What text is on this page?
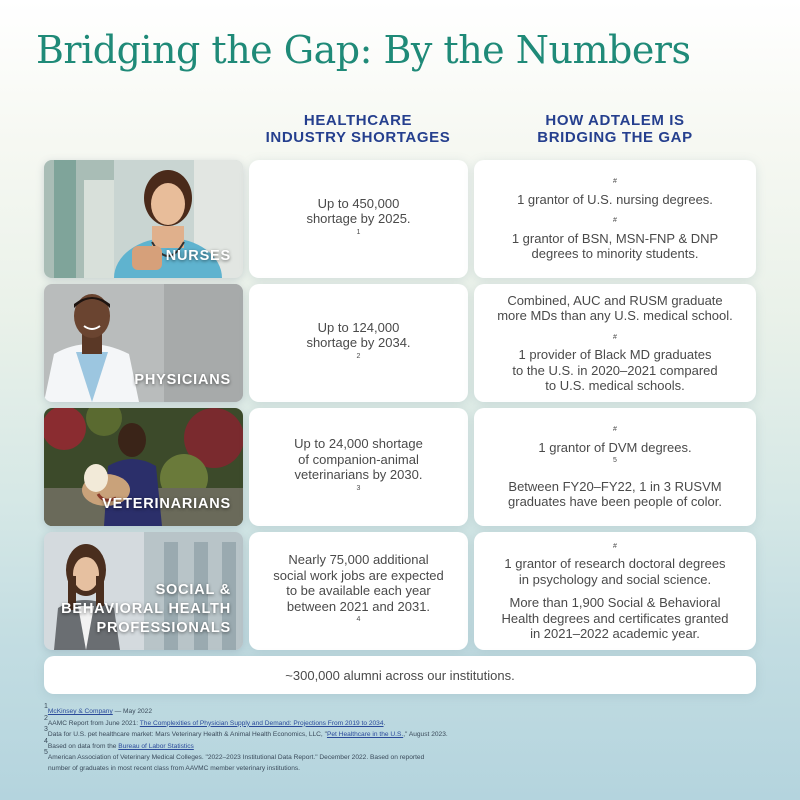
Bridging the Gap: By the Numbers
HEALTHCARE
INDUSTRY SHORTAGES
HOW ADTALEM IS
BRIDGING THE GAP
NURSES

Up to 450,000
shortage by 2025.
$^1$

#
1 grantor of U.S. nursing degrees.

#
1 grantor of BSN, MSN-FNP & DNP
degrees to minority students.

PHYSICIANS

Up to 124,000
shortage by 2034.
$^2$

Combined, AUC and RUSM graduate
more MDs than any U.S. medical school.

#
1 provider of Black MD graduates
to the U.S. in 2020–2021 compared
to U.S. medical schools.

VETERINARIANS

Up to 24,000 shortage
of companion-animal
veterinarians by 2030.
$^3$

#
1 grantor of DVM degrees.
$^5$

Between FY20–FY22, 1 in 3 RUSVM
graduates have been people of color.

SOCIAL &
BEHAVIORAL HEALTH
PROFESSIONALS

Nearly 75,000 additional
social work jobs are expected
to be available each year
between 2021 and 2031.
$^4$

#
1 grantor of research doctoral degrees
in psychology and social science.

More than 1,900 Social & Behavioral
Health degrees and certificates granted
in 2021–2022 academic year.

~300,000 alumni across our institutions.
$^1$McKinsey & Company — May 2022
$^2$AAMC Report from June 2021: The Complexities of Physician Supply and Demand: Projections From 2019 to 2034.
$^3$Data for U.S. pet healthcare market: Mars Veterinary Health & Animal Health Economics, LLC, "Pet Healthcare in the U.S.," August 2023.
$^4$Based on data from the Bureau of Labor Statistics
$^5$American Association of Veterinary Medical Colleges. "2022–2023 Institutional Data Report." December 2022. Based on reported
number of graduates in most recent class from AAVMC member veterinary institutions.
